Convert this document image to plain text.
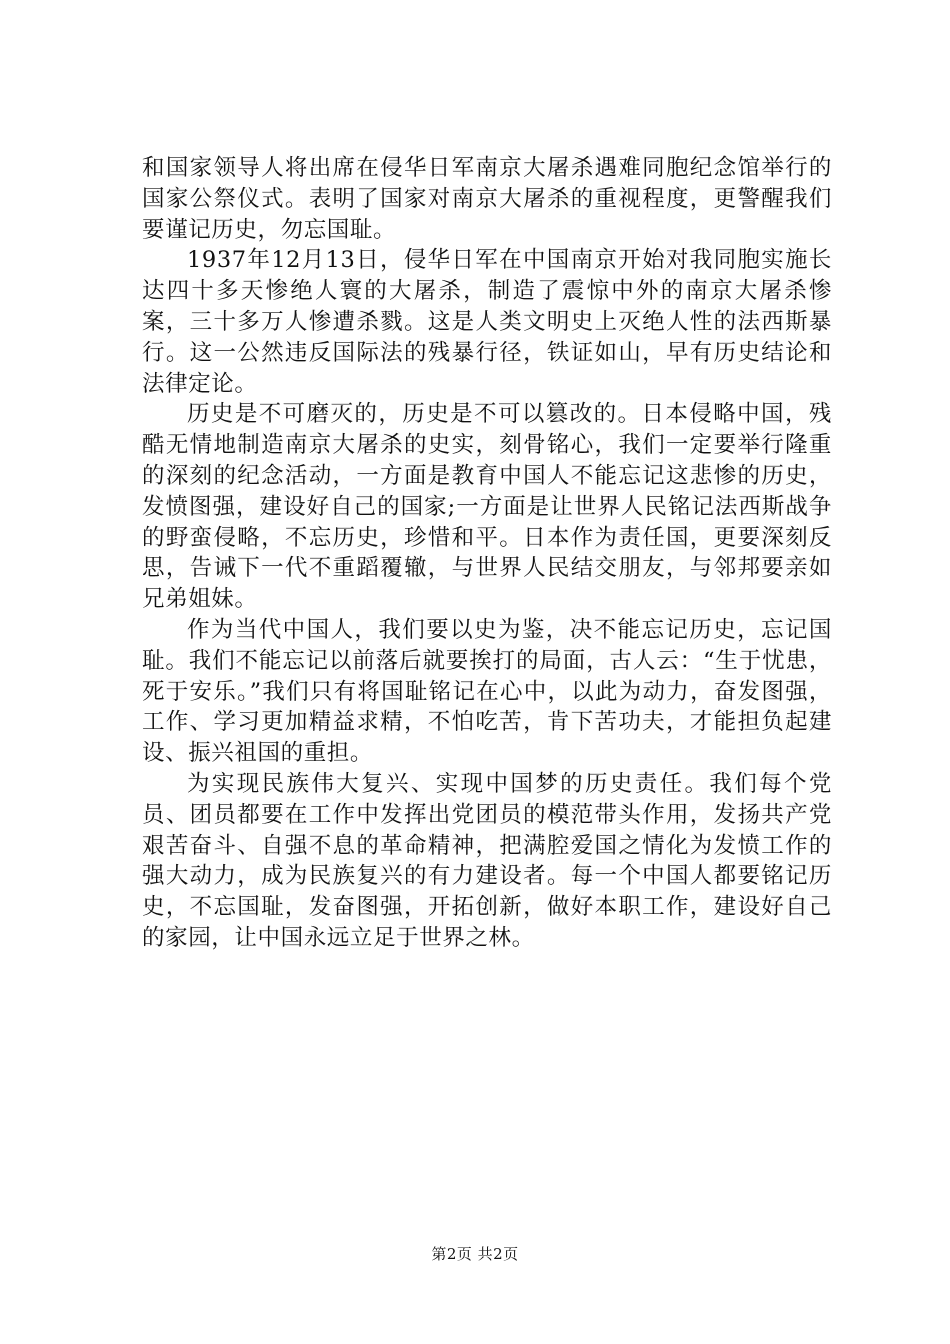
和国家领导人将出席在侵华日军南京大屠杀遇难同胞纪念馆举行的国家公祭仪式。表明了国家对南京大屠杀的重视程度，更警醒我们要谨记历史，勿忘国耻。

1937年12月13日，侵华日军在中国南京开始对我同胞实施长达四十多天惨绝人寰的大屠杀，制造了震惊中外的南京大屠杀惨案，三十多万人惨遭杀戮。这是人类文明史上灭绝人性的法西斯暴行。这一公然违反国际法的残暴行径，铁证如山，早有历史结论和法律定论。

历史是不可磨灭的，历史是不可以篡改的。日本侵略中国，残酷无情地制造南京大屠杀的史实，刻骨铭心，我们一定要举行隆重的深刻的纪念活动，一方面是教育中国人不能忘记这悲惨的历史，发愤图强，建设好自己的国家;一方面是让世界人民铭记法西斯战争的野蛮侵略，不忘历史，珍惜和平。日本作为责任国，更要深刻反思，告诫下一代不重蹈覆辙，与世界人民结交朋友，与邻邦要亲如兄弟姐妹。

作为当代中国人，我们要以史为鉴，决不能忘记历史，忘记国耻。我们不能忘记以前落后就要挨打的局面，古人云：“生于忧患，死于安乐。”我们只有将国耻铭记在心中，以此为动力，奋发图强，工作、学习更加精益求精，不怕吃苦，肯下苦功夫，才能担负起建设、振兴祖国的重担。

为实现民族伟大复兴、实现中国梦的历史责任。我们每个党员、团员都要在工作中发挥出党团员的模范带头作用，发扬共产党艰苦奋斗、自强不息的革命精神，把满腔爱国之情化为发愤工作的强大动力，成为民族复兴的有力建设者。每一个中国人都要铭记历史，不忘国耻，发奋图强，开拓创新，做好本职工作，建设好自己的家园，让中国永远立足于世界之林。

第2页 共2页
